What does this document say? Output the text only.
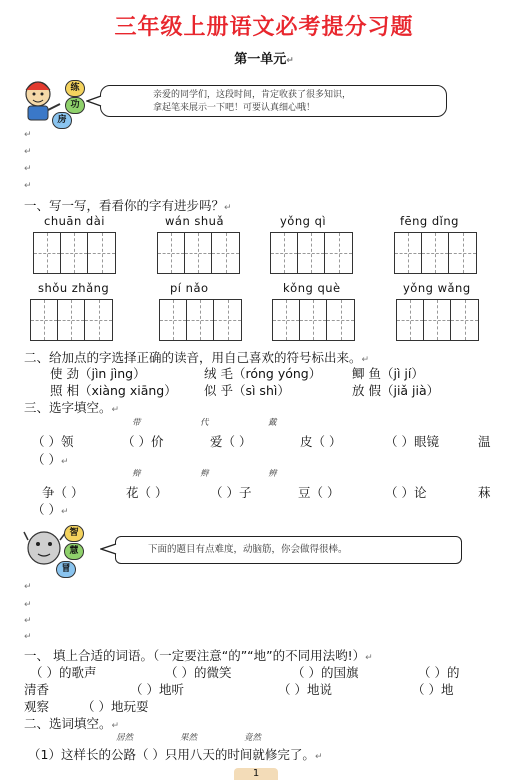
三年级上册语文必考提分习题
第一单元↵
练
功
房
亲爱的同学们，这段时间，肯定收获了很多知识，
拿起笔来展示一下吧！可要认真细心哦！
↵
↵
↵
↵
一、写一写，看看你的字有进步吗？↵
chuān dài	wán shuǎ	yǒng qì	fēng dǐng
shǒu zhǎng	pí nǎo	kǒng què	yǒng wǎng
二、给加点的字选择正确的读音，用自己喜欢的符号标出来。↵
使 劲（jìn jìng）	绒 毛（róng yóng） 鲫 鱼（jì jí）
照 相（xiàng xiāng） 似 乎（sì shì）	放 假（jiǎ jià）
三、选字填空。↵
带	代	戴
（ ）领	（ ）价	爱（ ）	皮（ ）	（ ）眼镜	温
（ ）↵
辩	辫	辨
争（ ）	花（ ）	（ ）子	豆（ ）	（ ）论	菻
（ ）↵
智
慧
冒
下面的题目有点难度，动脑筋，你会做得很棒。
↵
↵
↵
↵
一、 填上合适的词语。（一定要注意“的”“地”的不同用法哟!）↵
（ ）的歌声	（ ）的微笑	（ ）的国旗	（ ）的
清香	（ ）地听	（ ）地说	（ ）地
观察	（ ）地玩耍
二、选词填空。↵
居然	果然	竟然
（1）这样长的公路（ ）只用八天的时间就修完了。↵
1
